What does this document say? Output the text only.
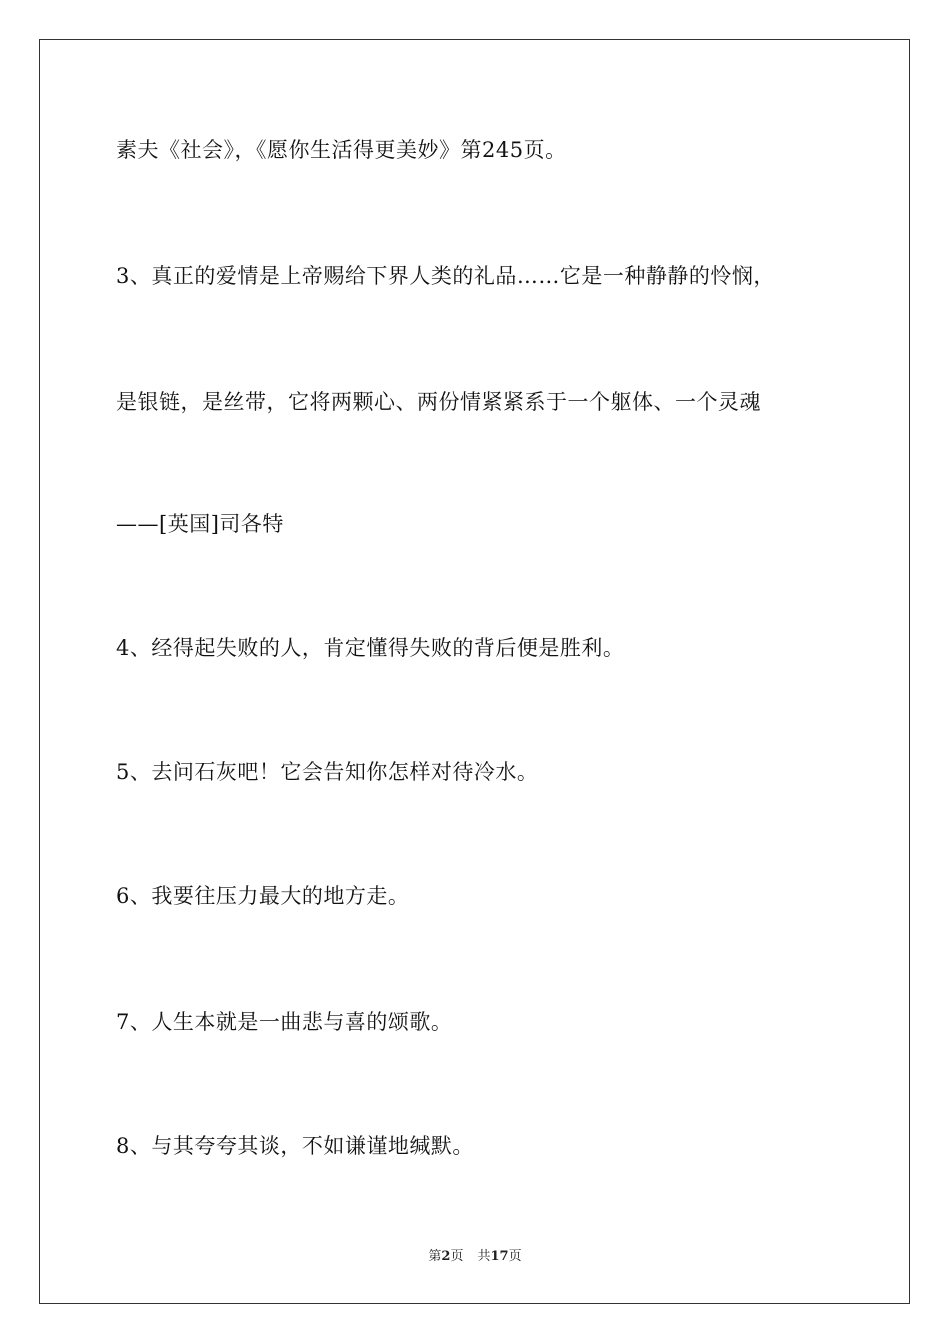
素夫《社会》，《愿你生活得更美妙》第245页。
3、真正的爱情是上帝赐给下界人类的礼品……它是一种静静的怜悯，
是银链，是丝带，它将两颗心、两份情紧紧系于一个躯体、一个灵魂
——[英国]司各特
4、经得起失败的人，肯定懂得失败的背后便是胜利。
5、去问石灰吧！它会告知你怎样对待冷水。
6、我要往压力最大的地方走。
7、人生本就是一曲悲与喜的颂歌。
8、与其夸夸其谈，不如谦谨地缄默。
第2页 共17页
